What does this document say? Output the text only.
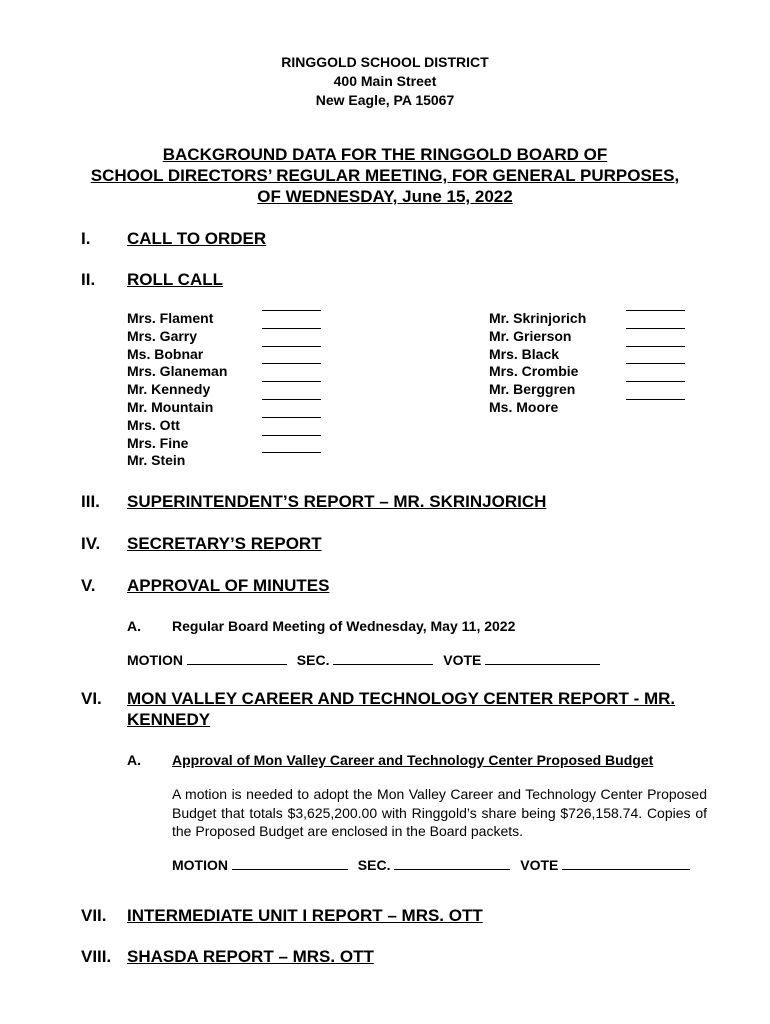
RINGGOLD SCHOOL DISTRICT
400 Main Street
New Eagle, PA 15067
BACKGROUND DATA FOR THE RINGGOLD BOARD OF
SCHOOL DIRECTORS’ REGULAR MEETING, FOR GENERAL PURPOSES,
OF WEDNESDAY, June 15, 2022
I. CALL TO ORDER
II. ROLL CALL
Mrs. Flament
Mrs. Garry
Ms. Bobnar
Mrs. Glaneman
Mr. Kennedy
Mr. Mountain
Mrs. Ott
Mrs. Fine
Mr. Stein
Mr. Skrinjorich
Mr. Grierson
Mrs. Black
Mrs. Crombie
Mr. Berggren
Ms. Moore
III. SUPERINTENDENT’S REPORT – MR. SKRINJORICH
IV. SECRETARY’S REPORT
V. APPROVAL OF MINUTES
A. Regular Board Meeting of Wednesday, May 11, 2022
MOTION	SEC.	VOTE
VI. MON VALLEY CAREER AND TECHNOLOGY CENTER REPORT - MR.
KENNEDY
A. Approval of Mon Valley Career and Technology Center Proposed Budget
A motion is needed to adopt the Mon Valley Career and Technology Center Proposed Budget that totals $3,625,200.00 with Ringgold’s share being $726,158.74. Copies of the Proposed Budget are enclosed in the Board packets.
MOTION	SEC.	VOTE
VII. INTERMEDIATE UNIT I REPORT – MRS. OTT
VIII. SHASDA REPORT – MRS. OTT
